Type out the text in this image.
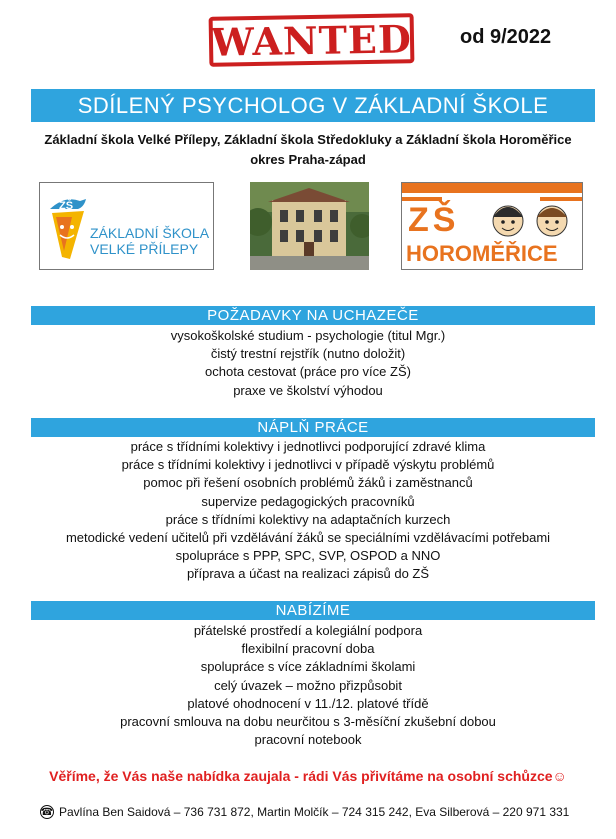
WANTED od 9/2022
SDÍLENÝ PSYCHOLOG V ZÁKLADNÍ ŠKOLE
Základní škola Velké Přílepy, Základní škola Středokluky a Základní škola Horoměřice
okres Praha-západ
ZŠ
ZÁKLADNÍ ŠKOLA
VELKÉ PŘÍLEPY
ZŠ
HOROMĚŘICE
POŽADAVKY NA UCHAZEČE
vysokoškolské studium - psychologie (titul Mgr.)
čistý trestní rejstřík (nutno doložit)
ochota cestovat (práce pro více ZŠ)
praxe ve školství výhodou
NÁPLŇ PRÁCE
práce s třídními kolektivy i jednotlivci podporující zdravé klima
práce s třídními kolektivy i jednotlivci v případě výskytu problémů
pomoc při řešení osobních problémů žáků i zaměstnanců
supervize pedagogických pracovníků
práce s třídními kolektivy na adaptačních kurzech
metodické vedení učitelů při vzdělávání žáků se speciálními vzdělávacími potřebami
spolupráce s PPP, SPC, SVP, OSPOD a NNO
příprava a účast na realizaci zápisů do ZŠ
NABÍZÍME
přátelské prostředí a kolegiální podpora
flexibilní pracovní doba
spolupráce s více základními školami
celý úvazek – možno přizpůsobit
platové ohodnocení v 11./12. platové třídě
pracovní smlouva na dobu neurčitou s 3-měsíční zkušební dobou
pracovní notebook
Věříme, že Vás naše nabídka zaujala - rádi Vás přivítáme na osobní schůzce☺
☎ Pavlína Ben Saidová – 736 731 872, Martin Molčík – 724 315 242, Eva Silberová – 220 971 331
